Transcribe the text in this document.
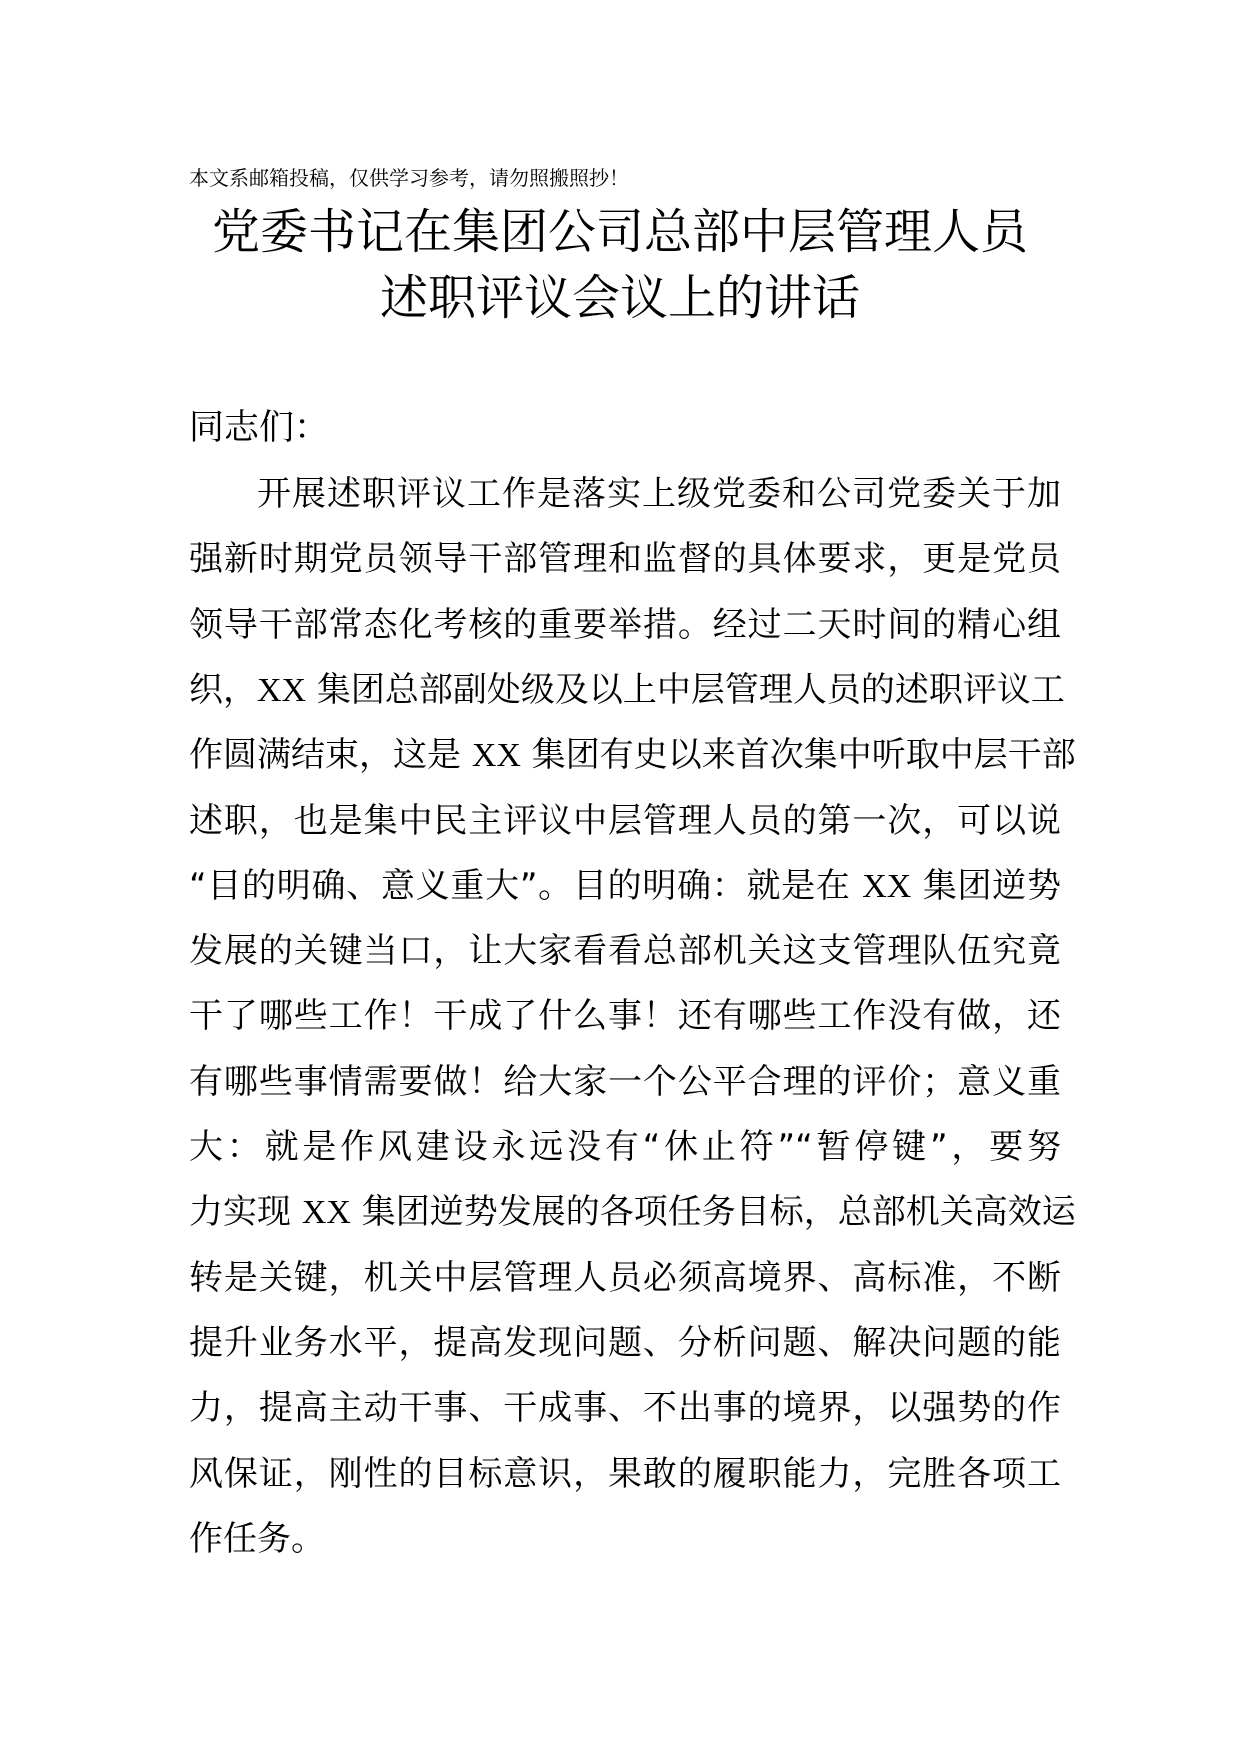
本文系邮箱投稿，仅供学习参考，请勿照搬照抄！
党委书记在集团公司总部中层管理人员
述职评议会议上的讲话
同志们：
开展述职评议工作是落实上级党委和公司党委关于加
强新时期党员领导干部管理和监督的具体要求，更是党员
领导干部常态化考核的重要举措。经过二天时间的精心组
织，XX 集团总部副处级及以上中层管理人员的述职评议工
作圆满结束，这是 XX 集团有史以来首次集中听取中层干部
述职，也是集中民主评议中层管理人员的第一次，可以说
“目的明确、意义重大”。目的明确：就是在 XX 集团逆势
发展的关键当口，让大家看看总部机关这支管理队伍究竟
干了哪些工作！干成了什么事！还有哪些工作没有做，还
有哪些事情需要做！给大家一个公平合理的评价；意义重
大：就是作风建设永远没有“休止符”“暂停键”，要努
力实现 XX 集团逆势发展的各项任务目标，总部机关高效运
转是关键，机关中层管理人员必须高境界、高标准，不断
提升业务水平，提高发现问题、分析问题、解决问题的能
力，提高主动干事、干成事、不出事的境界，以强势的作
风保证，刚性的目标意识，果敢的履职能力，完胜各项工
作任务。
